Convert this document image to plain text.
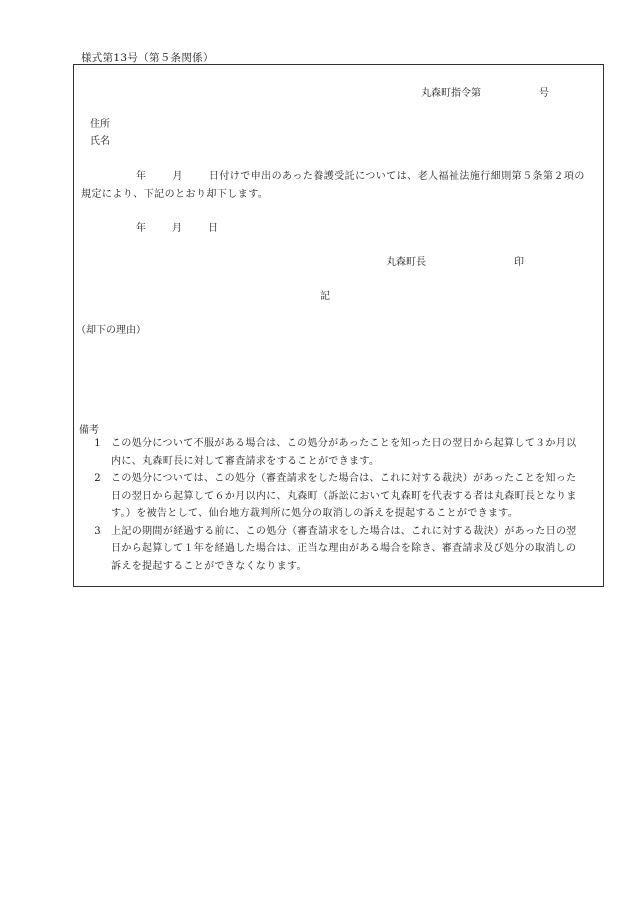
様式第13号（第５条関係）
丸森町指令第	号
住所
氏名
年	月	日付けで申出のあった養護受託については、老人福祉法施行細則第５条第２項の規定により、下記のとおり却下します。
年	月	日
丸森町長	印
記
（却下の理由）
備考
1	この処分について不服がある場合は、この処分があったことを知った日の翌日から起算して３か月以内に、丸森町長に対して審査請求をすることができます。
2	この処分については、この処分（審査請求をした場合は、これに対する裁決）があったことを知った日の翌日から起算して６か月以内に、丸森町（訴訟において丸森町を代表する者は丸森町長となります。）を被告として、仙台地方裁判所に処分の取消しの訴えを提起することができます。
3	上記の期間が経過する前に、この処分（審査請求をした場合は、これに対する裁決）があった日の翌日から起算して１年を経過した場合は、正当な理由がある場合を除き、審査請求及び処分の取消しの訴えを提起することができなくなります。
